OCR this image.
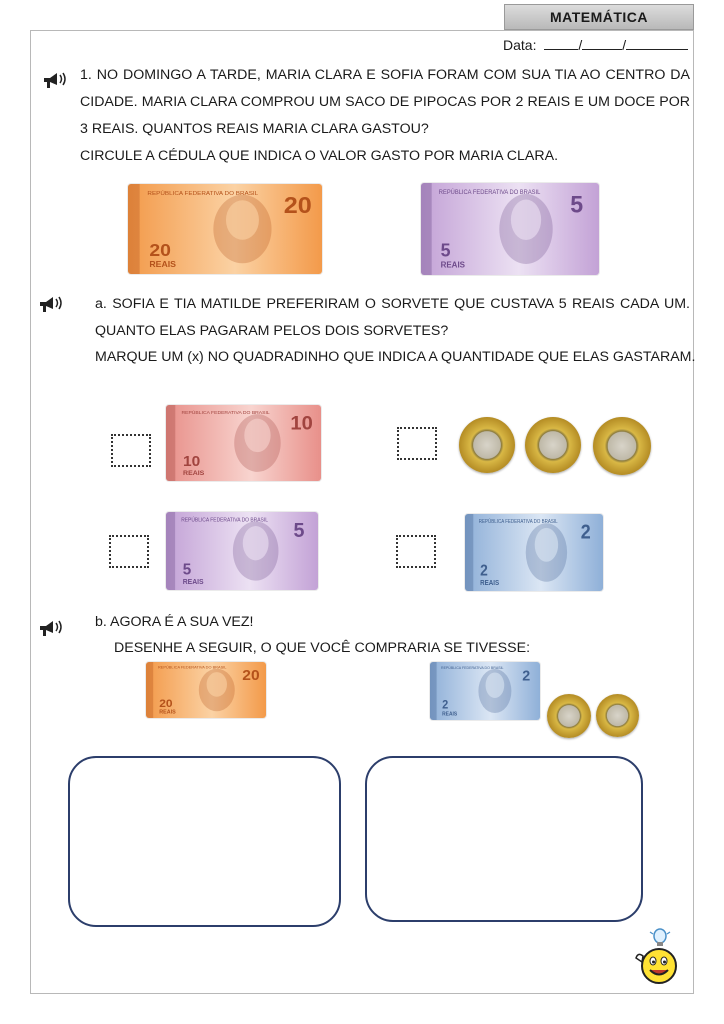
MATEMÁTICA
Data:	/	/
1. NO DOMINGO A TARDE, MARIA CLARA E SOFIA FORAM COM SUA TIA AO CENTRO DA CIDADE. MARIA CLARA COMPROU UM SACO DE PIPOCAS POR 2 REAIS E UM DOCE POR 3 REAIS. QUANTOS REAIS MARIA CLARA GASTOU?
CIRCULE A CÉDULA QUE INDICA O VALOR GASTO POR MARIA CLARA.
REPÚBLICA FEDERATIVA DO BRASIL 20
20
REAIS
REPÚBLICA FEDERATIVA DO BRASIL 5
5
REAIS
a. SOFIA E TIA MATILDE PREFERIRAM O SORVETE QUE CUSTAVA 5 REAIS CADA UM. QUANTO ELAS PAGARAM PELOS DOIS SORVETES?
MARQUE UM (x) NO QUADRADINHO QUE INDICA A QUANTIDADE QUE ELAS GASTARAM.
REPÚBLICA FEDERATIVA DO BRASIL 10
10
REAIS
REPÚBLICA FEDERATIVA DO BRASIL 5
5
REAIS
REPÚBLICA FEDERATIVA DO BRASIL 2
2
REAIS
b. AGORA É A SUA VEZ!
DESENHE A SEGUIR, O QUE VOCÊ COMPRARIA SE TIVESSE:
REPÚBLICA FEDERATIVA DO BRASIL 20
20
REAIS
REPÚBLICA FEDERATIVA DO BRASIL
2
2
REAIS
